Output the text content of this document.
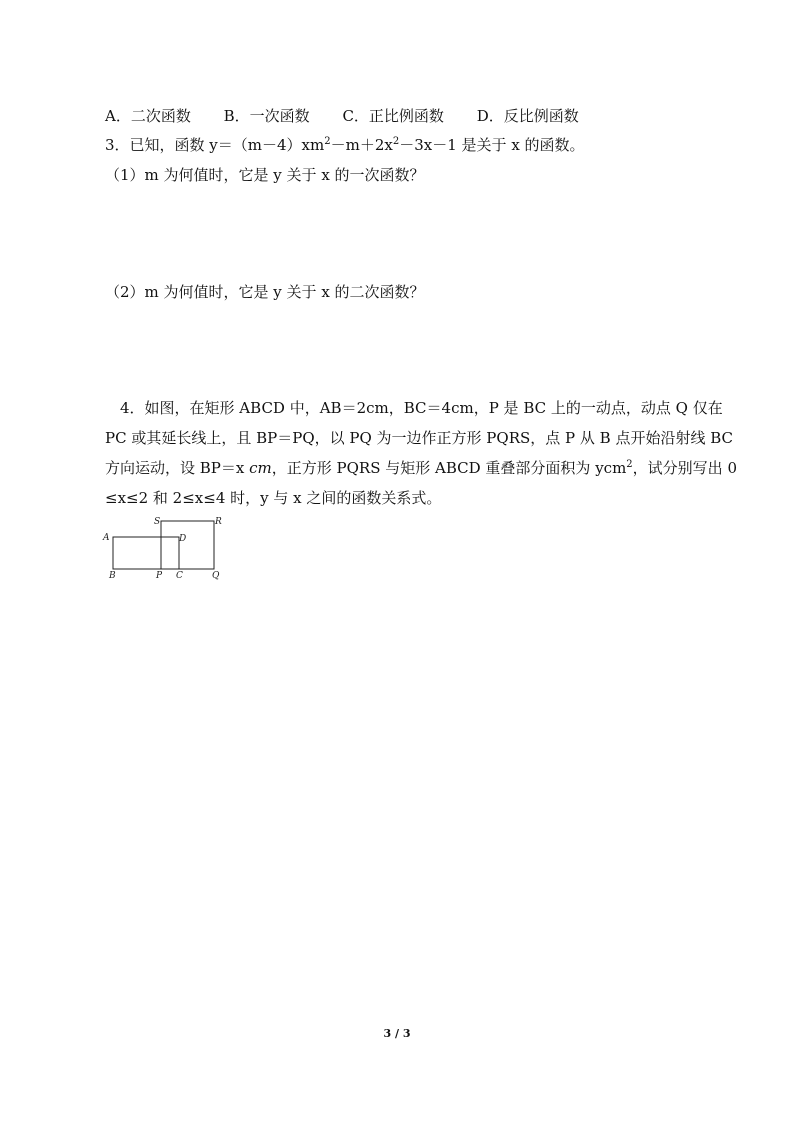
A．二次函数 B．一次函数 C．正比例函数 D．反比例函数
3．已知，函数 $y=(m-4)xm^2-m+2x^2-3x-1$ 是关于 x 的函数。
（1）m 为何值时，它是 y 关于 x 的一次函数？
（2）m 为何值时，它是 y 关于 x 的二次函数？
4．如图，在矩形 ABCD 中，AB＝2cm，BC＝4cm，P 是 BC 上的一动点，动点 Q 仅在
PC 或其延长线上，且 BP＝PQ，以 PQ 为一边作正方形 PQRS，点 P 从 B 点开始沿射线 BC
方向运动，设 BP＝x cm，正方形 PQRS 与矩形 ABCD 重叠部分面积为 ycm$^2$，试分别写出 0
≤x≤2 和 2≤x≤4 时，y 与 x 之间的函数关系式。
A
B	C
D
P	Q
R
S
3 / 3
